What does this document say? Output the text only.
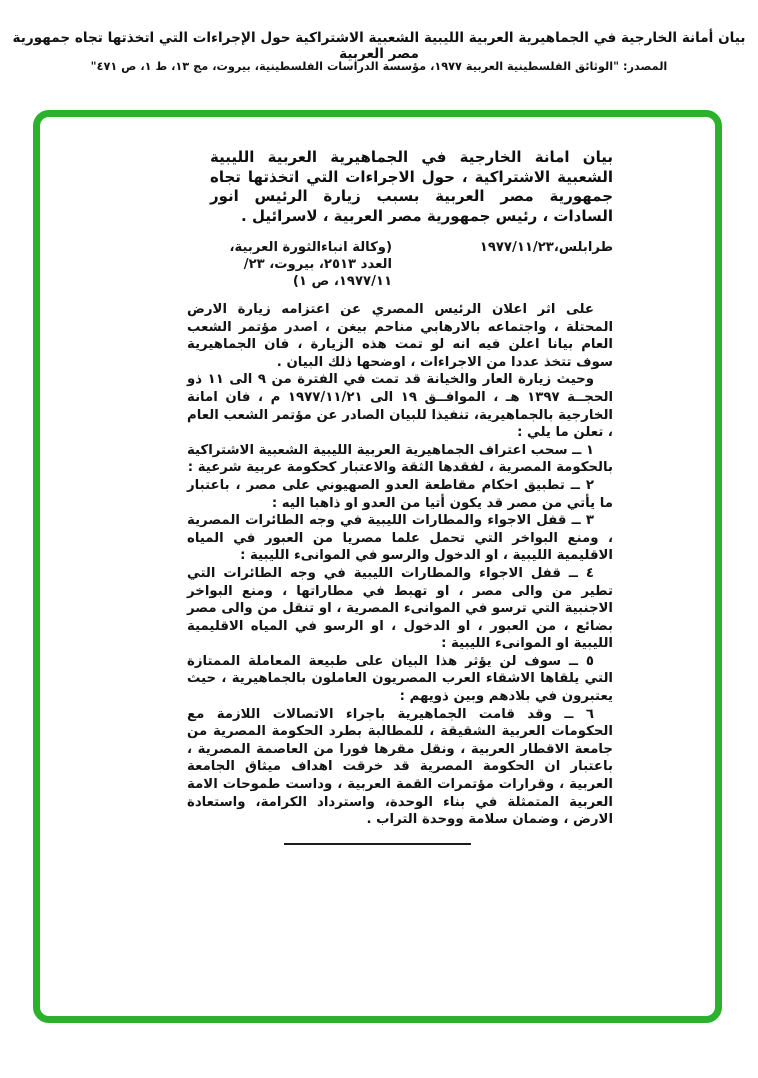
بيان أمانة الخارجية في الجماهيرية العربية الليبية الشعبية الاشتراكية حول الإجراءات التي اتخذتها تجاه جمهورية مصر العربية
المصدر: "الوثائق الفلسطينية العربية ١٩٧٧، مؤسسة الدراسات الفلسطينية، بيروت، مج ١٣، ط ١، ص ٤٧١"
بيان امانة الخارجية في الجماهيرية العربية الليبية الشعبية الاشتراكية ، حول الاجراءات التي اتخذتها تجاه جمهورية مصر العربية بسبب زيارة الرئيس انور السادات ، رئيس جمهورية مصر العربية ، لاسرائيل .
طرابلس،٢٣/‏١١/‏١٩٧٧
(وكالة انباءالثورة العربية،
العدد ٢٥١٣، بيروت، ٢٣/
١١/‏١٩٧٧، ص ١)

على اثر اعلان الرئيس المصري عن اعتزامه زيارة الارض المحتلة ، واجتماعه بالارهابي مناحم بيغن ، اصدر مؤتمر الشعب العام بيانا اعلن فيه انه لو تمت هذه الزيارة ، فان الجماهيرية سوف تتخذ عددا من الاجراءات ، اوضحها ذلك البيان .

وحيث زيارة العار والخيانة قد تمت في الفترة من ٩ الى ١١ ذو الحجــة ١٣٩٧ هـ ، الموافــق ١٩ الى ٢١/‏١١/‏١٩٧٧ م ، فان امانة الخارجية بالجماهيرية، تنفيذا للبيان الصادر عن مؤتمر الشعب العام ، تعلن ما يلي :

١ ــ سحب اعتراف الجماهيرية العربية الليبية الشعبية الاشتراكية بالحكومة المصرية ، لفقدها الثقة والاعتبار كحكومة عربية شرعية :

٢ ــ تطبيق احكام مقاطعة العدو الصهيوني على مصر ، باعتبار ما يأتي من مصر قد يكون أتيا من العدو او ذاهبا اليه :

٣ ــ قفل الاجواء والمطارات الليبية في وجه الطائرات المصرية ، ومنع البواخر التي تحمل علما مصريا من العبور في المياه الاقليمية الليبية ، او الدخول والرسو في الموانىء الليبية :

٤ ــ قفل الاجواء والمطارات الليبية في وجه الطائرات التي تطير من والى مصر ، او تهبط في مطاراتها ، ومنع البواخر الاجنبية التي ترسو في الموانىء المصرية ، او تنقل من والى مصر بضائع ، من العبور ، او الدخول ، او الرسو في المياه الاقليمية الليبية او الموانىء الليبية :

٥ ــ سوف لن يؤثر هذا البيان على طبيعة المعاملة الممتازة التي يلقاها الاشقاء العرب المصريون العاملون بالجماهيرية ، حيث يعتبرون في بلادهم وبين ذويهم :

٦ ــ وقد قامت الجماهيرية باجراء الاتصالات اللازمة مع الحكومات العربية الشقيقة ، للمطالبة بطرد الحكومة المصرية من جامعة الاقطار العربية ، ونقل مقرها فورا من العاصمة المصرية ، باعتبار ان الحكومة المصرية قد خرقت اهداف ميثاق الجامعة العربية ، وقرارات مؤتمرات القمة العربية ، وداست طموحات الامة العربية المتمثلة في بناء الوحدة، واسترداد الكرامة، واستعادة الارض ، وضمان سلامة ووحدة التراب .
